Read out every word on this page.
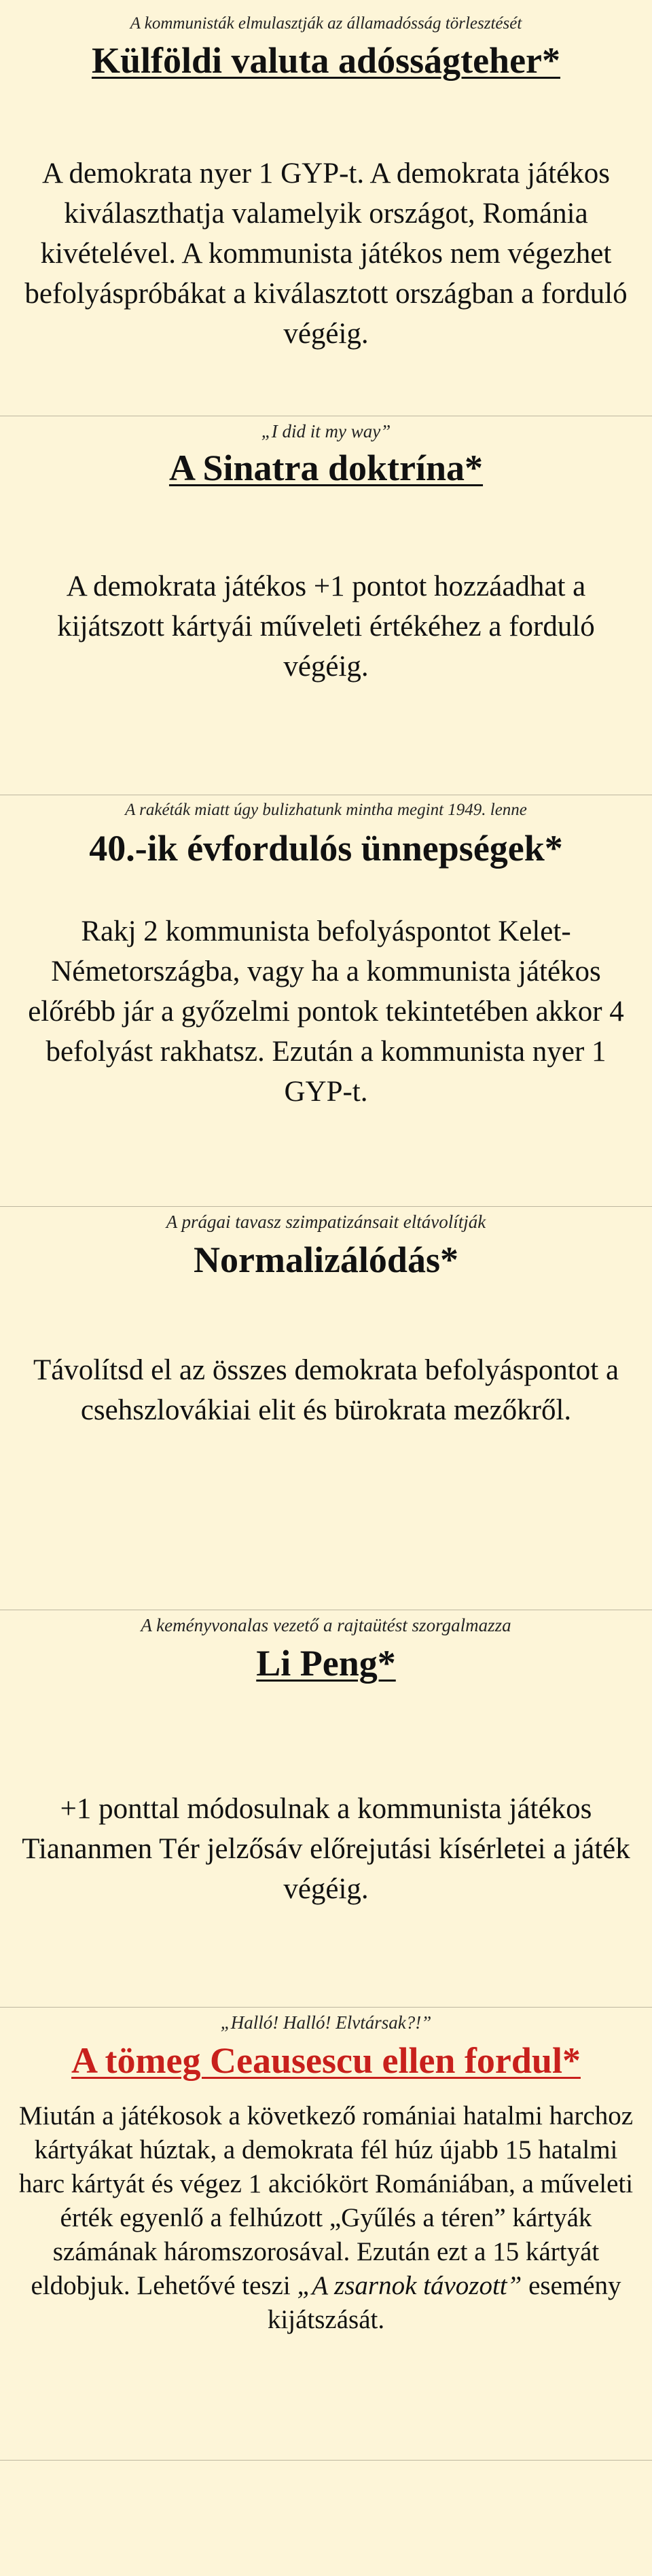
A kommunisták elmulasztják az államadósság törlesztését

Külföldi valuta adósságteher*

A demokrata nyer 1 GYP-t. A demokrata játékos kiválaszthatja valamelyik országot, Románia kivételével. A kommunista játékos nem végezhet befolyáspróbákat a kiválasztott országban a forduló végéig.

„I did it my way”

A Sinatra doktrína*

A demokrata játékos +1 pontot hozzáadhat a kijátszott kártyái műveleti értékéhez a forduló végéig.

A rakéták miatt úgy bulizhatunk mintha megint 1949. lenne

40.-ik évfordulós ünnepségek*

Rakj 2 kommunista befolyáspontot Kelet-Németországba, vagy ha a kommunista játékos előrébb jár a győzelmi pontok tekintetében akkor 4 befolyást rakhatsz. Ezután a kommunista nyer 1 GYP-t.

A prágai tavasz szimpatizánsait eltávolítják

Normalizálódás*

Távolítsd el az összes demokrata befolyáspontot a csehszlovákiai elit és bürokrata mezőkről.

A keményvonalas vezető a rajtaütést szorgalmazza

Li Peng*

+1 ponttal módosulnak a kommunista játékos Tiananmen Tér jelzősáv előrejutási kísérletei a játék végéig.

„Halló! Halló! Elvtársak?!”

A tömeg Ceausescu ellen fordul*

Miután a játékosok a következő romániai hatalmi harchoz kártyákat húztak, a demokrata fél húz újabb 15 hatalmi harc kártyát és végez 1 akciókört Romániában, a műveleti érték egyenlő a felhúzott „Gyűlés a téren” kártyák számának háromszorosával. Ezután ezt a 15 kártyát eldobjuk. Lehetővé teszi „A zsarnok távozott” esemény kijátszását.
